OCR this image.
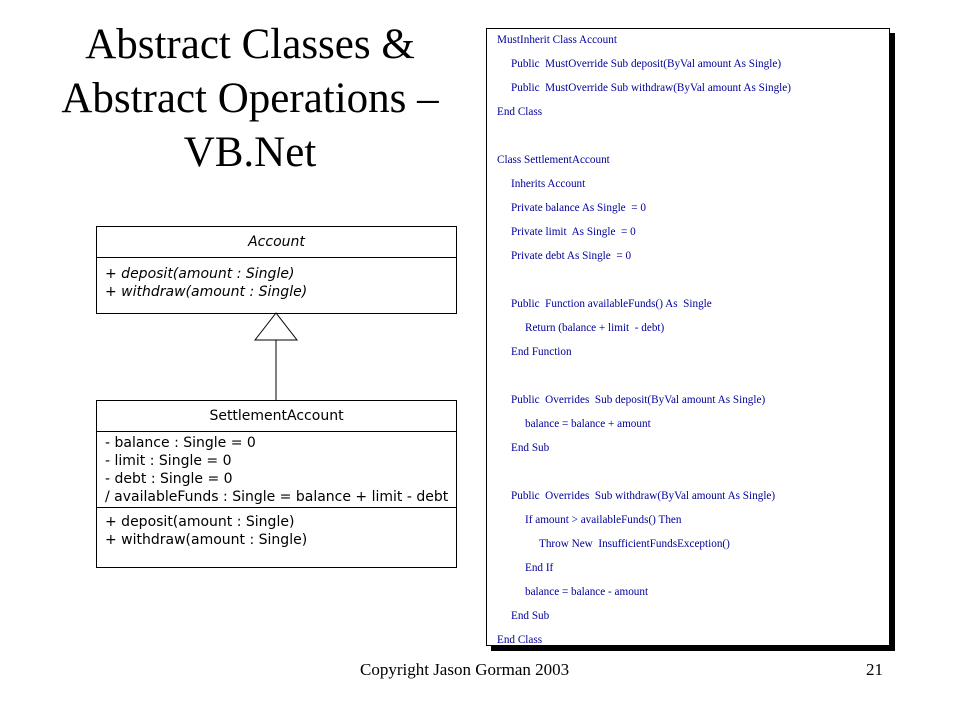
Abstract Classes &
Abstract Operations –
VB.Net
Account
+ deposit(amount : Single)
+ withdraw(amount : Single)
SettlementAccount
- balance : Single = 0
- limit : Single = 0
- debt : Single = 0
/ availableFunds : Single = balance + limit - debt
+ deposit(amount : Single)
+ withdraw(amount : Single)
MustInherit Class Account
Public  MustOverride Sub deposit(ByVal amount As Single)
Public  MustOverride Sub withdraw(ByVal amount As Single)
End Class
Class SettlementAccount
Inherits Account
Private balance As Single  = 0
Private limit  As Single  = 0
Private debt As Single  = 0
Public  Function availableFunds() As  Single
Return (balance + limit  - debt)
End Function
Public  Overrides  Sub deposit(ByVal amount As Single)
balance = balance + amount
End Sub
Public  Overrides  Sub withdraw(ByVal amount As Single)
If amount > availableFunds() Then
Throw New  InsufficientFundsException()
End If
balance = balance - amount
End Sub
End Class
Copyright Jason Gorman 2003	21
